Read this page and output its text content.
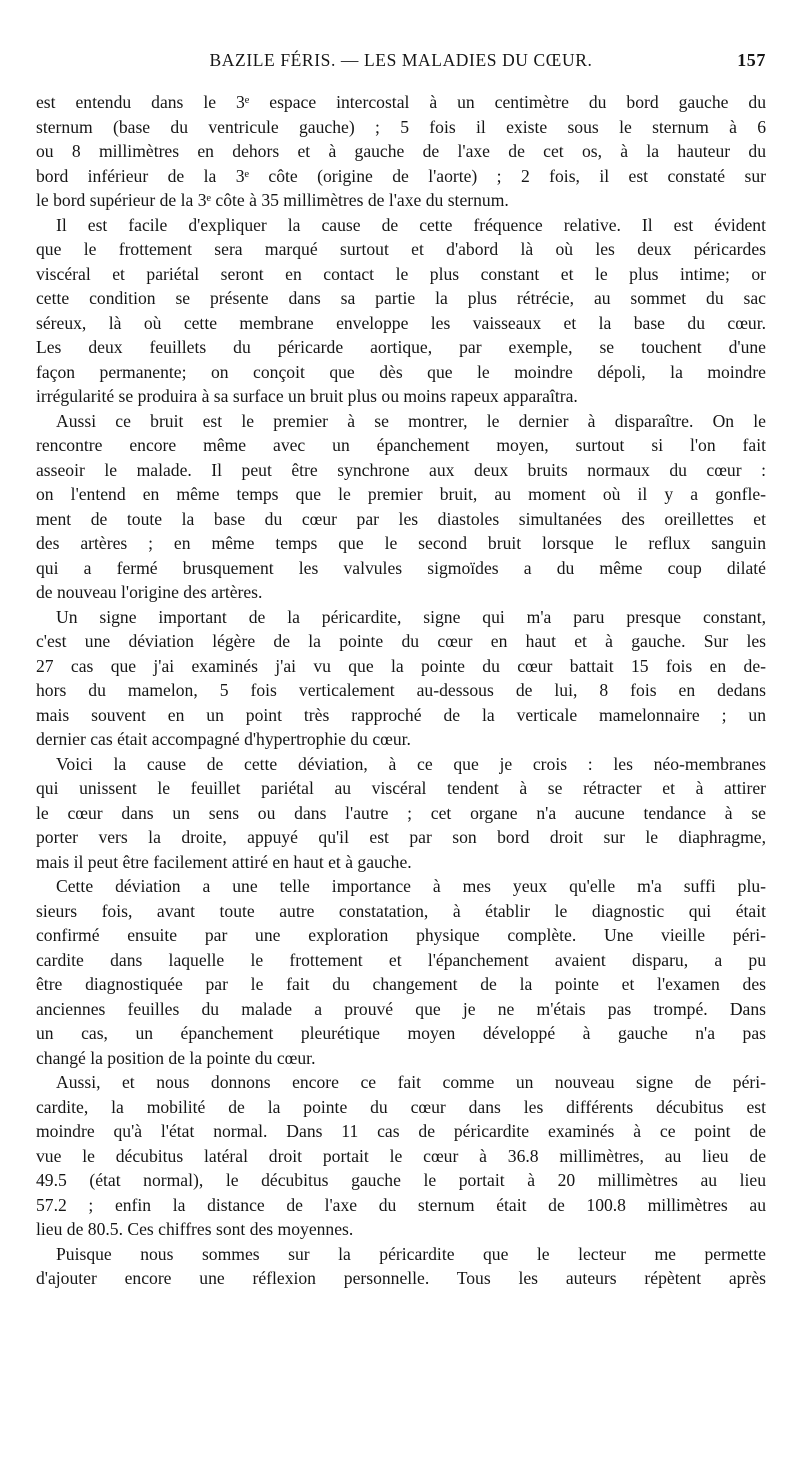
BAZILE FÉRIS. — LES MALADIES DU CŒUR.	157
est entendu dans le 3ᵉ espace intercostal à un centimètre du bord gauche du
sternum (base du ventricule gauche) ; 5 fois il existe sous le sternum à 6
ou 8 millimètres en dehors et à gauche de l'axe de cet os, à la hauteur du
bord inférieur de la 3ᵉ côte (origine de l'aorte) ; 2 fois, il est constaté sur
le bord supérieur de la 3ᵉ côte à 35 millimètres de l'axe du sternum.
Il est facile d'expliquer la cause de cette fréquence relative. Il est évident
que le frottement sera marqué surtout et d'abord là où les deux péricardes
viscéral et pariétal seront en contact le plus constant et le plus intime; or
cette condition se présente dans sa partie la plus rétrécie, au sommet du sac
séreux, là où cette membrane enveloppe les vaisseaux et la base du cœur.
Les deux feuillets du péricarde aortique, par exemple, se touchent d'une
façon permanente; on conçoit que dès que le moindre dépoli, la moindre
irrégularité se produira à sa surface un bruit plus ou moins rapeux apparaîtra.
Aussi ce bruit est le premier à se montrer, le dernier à disparaître. On le
rencontre encore même avec un épanchement moyen, surtout si l'on fait
asseoir le malade. Il peut être synchrone aux deux bruits normaux du cœur :
on l'entend en même temps que le premier bruit, au moment où il y a gonfle-
ment de toute la base du cœur par les diastoles simultanées des oreillettes et
des artères ; en même temps que le second bruit lorsque le reflux sanguin
qui a fermé brusquement les valvules sigmoïdes a du même coup dilaté
de nouveau l'origine des artères.
Un signe important de la péricardite, signe qui m'a paru presque constant,
c'est une déviation légère de la pointe du cœur en haut et à gauche. Sur les
27 cas que j'ai examinés j'ai vu que la pointe du cœur battait 15 fois en de-
hors du mamelon, 5 fois verticalement au-dessous de lui, 8 fois en dedans
mais souvent en un point très rapproché de la verticale mamelonnaire ; un
dernier cas était accompagné d'hypertrophie du cœur.
Voici la cause de cette déviation, à ce que je crois : les néo-membranes
qui unissent le feuillet pariétal au viscéral tendent à se rétracter et à attirer
le cœur dans un sens ou dans l'autre ; cet organe n'a aucune tendance à se
porter vers la droite, appuyé qu'il est par son bord droit sur le diaphragme,
mais il peut être facilement attiré en haut et à gauche.
Cette déviation a une telle importance à mes yeux qu'elle m'a suffi plu-
sieurs fois, avant toute autre constatation, à établir le diagnostic qui était
confirmé ensuite par une exploration physique complète. Une vieille péri-
cardite dans laquelle le frottement et l'épanchement avaient disparu, a pu
être diagnostiquée par le fait du changement de la pointe et l'examen des
anciennes feuilles du malade a prouvé que je ne m'étais pas trompé. Dans
un cas, un épanchement pleurétique moyen développé à gauche n'a pas
changé la position de la pointe du cœur.
Aussi, et nous donnons encore ce fait comme un nouveau signe de péri-
cardite, la mobilité de la pointe du cœur dans les différents décubitus est
moindre qu'à l'état normal. Dans 11 cas de péricardite examinés à ce point de
vue le décubitus latéral droit portait le cœur à 36.8 millimètres, au lieu de
49.5 (état normal), le décubitus gauche le portait à 20 millimètres au lieu
57.2 ; enfin la distance de l'axe du sternum était de 100.8 millimètres au
lieu de 80.5. Ces chiffres sont des moyennes.
Puisque nous sommes sur la péricardite que le lecteur me permette
d'ajouter encore une réflexion personnelle. Tous les auteurs répètent après
